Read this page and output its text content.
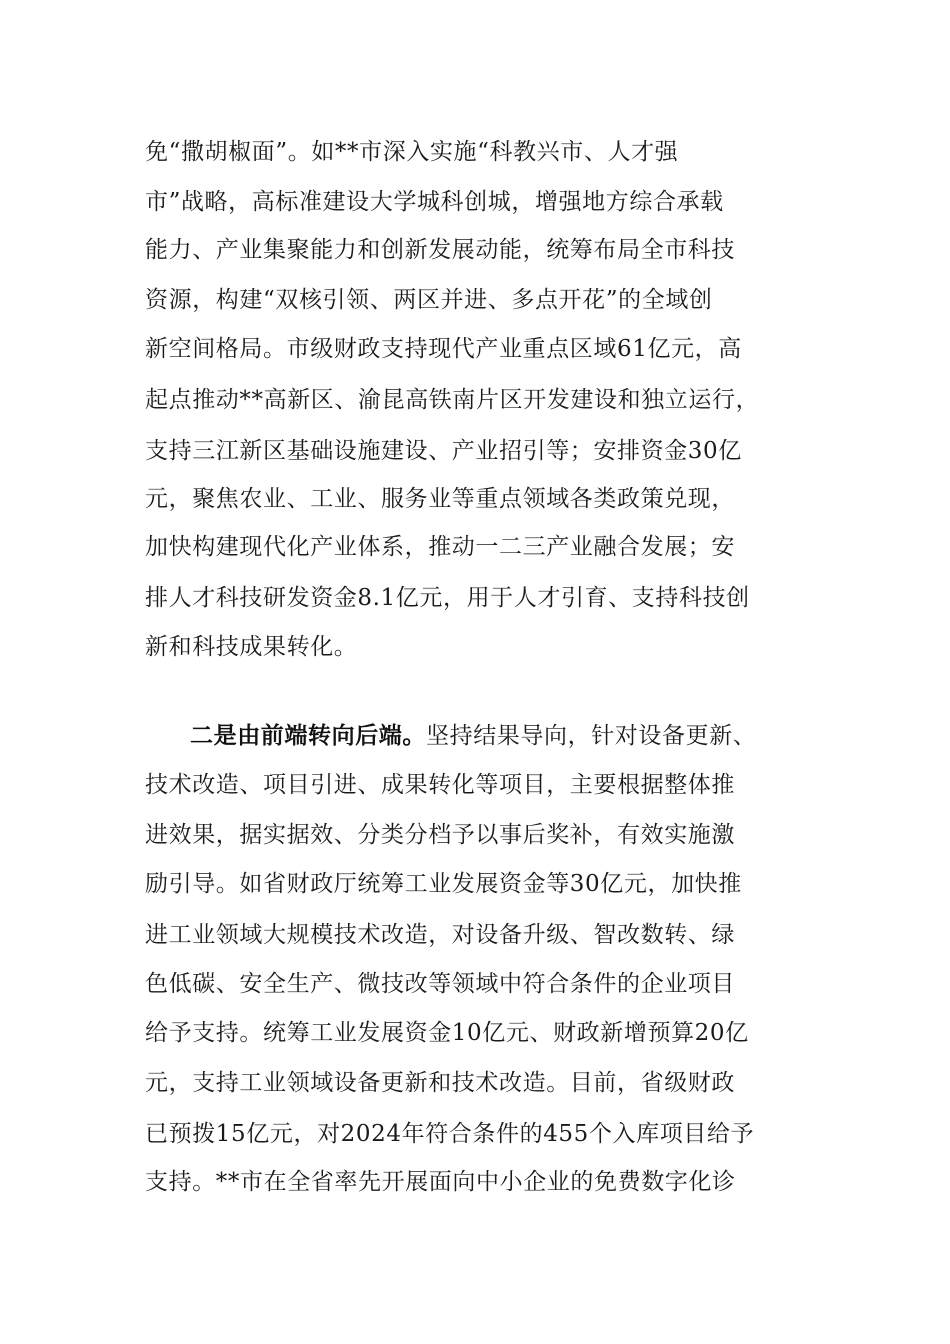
免“撒胡椒面”。如**市深入实施“科教兴市、人才强
市”战略，高标准建设大学城科创城，增强地方综合承载
能力、产业集聚能力和创新发展动能，统筹布局全市科技
资源，构建“双核引领、两区并进、多点开花”的全域创
新空间格局。市级财政支持现代产业重点区域61亿元，高
起点推动**高新区、渝昆高铁南片区开发建设和独立运行，
支持三江新区基础设施建设、产业招引等；安排资金30亿
元，聚焦农业、工业、服务业等重点领域各类政策兑现，
加快构建现代化产业体系，推动一二三产业融合发展；安
排人才科技研发资金8.1亿元，用于人才引育、支持科技创
新和科技成果转化。
二是由前端转向后端。坚持结果导向，针对设备更新、
技术改造、项目引进、成果转化等项目，主要根据整体推
进效果，据实据效、分类分档予以事后奖补，有效实施激
励引导。如省财政厅统筹工业发展资金等30亿元，加快推
进工业领域大规模技术改造，对设备升级、智改数转、绿
色低碳、安全生产、微技改等领域中符合条件的企业项目
给予支持。统筹工业发展资金10亿元、财政新增预算20亿
元，支持工业领域设备更新和技术改造。目前，省级财政
已预拨15亿元，对2024年符合条件的455个入库项目给予
支持。**市在全省率先开展面向中小企业的免费数字化诊
